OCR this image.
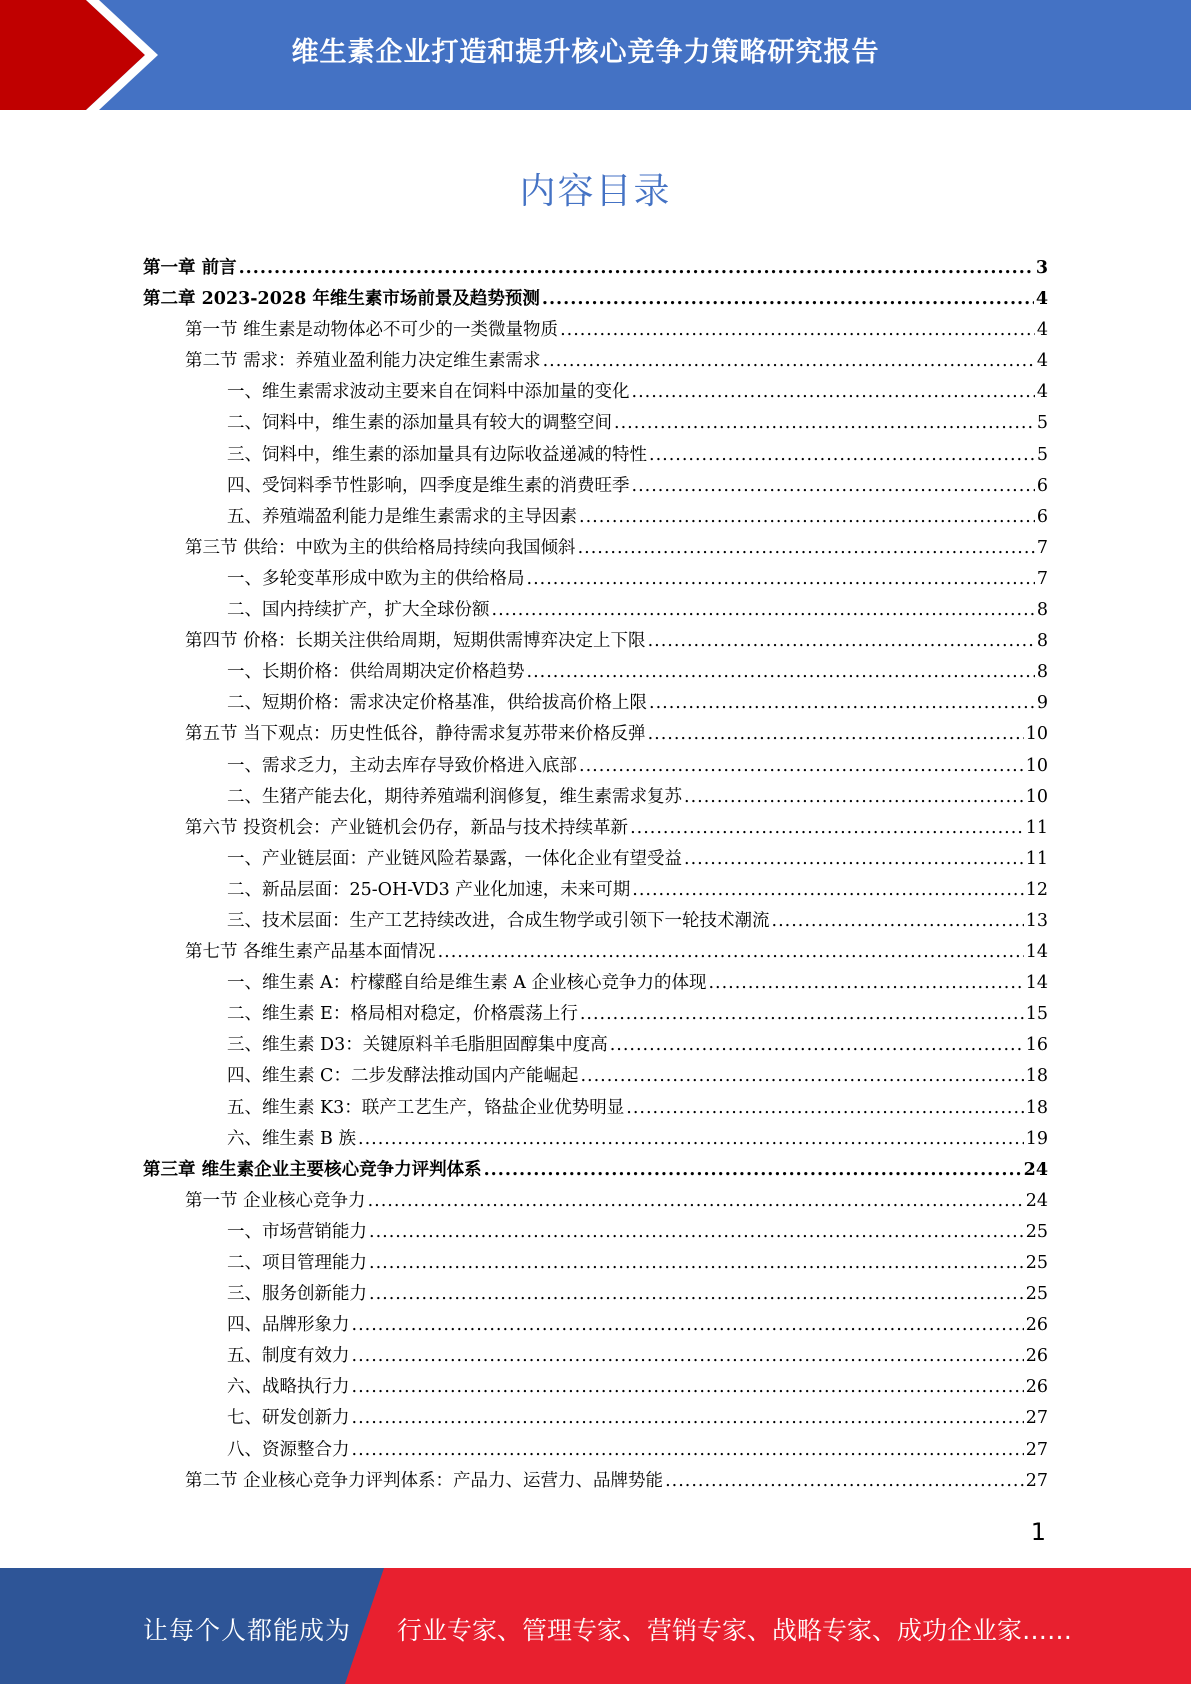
维生素企业打造和提升核心竞争力策略研究报告
内容目录
第一章 前言 .....	3
第二章 2023-2028 年维生素市场前景及趋势预测 .....	4
第一节 维生素是动物体必不可少的一类微量物质 .....	4
第二节 需求：养殖业盈利能力决定维生素需求 .....	4
一、维生素需求波动主要来自在饲料中添加量的变化 .....	4
二、饲料中，维生素的添加量具有较大的调整空间 .....	5
三、饲料中，维生素的添加量具有边际收益递减的特性 .....	5
四、受饲料季节性影响，四季度是维生素的消费旺季 .....	6
五、养殖端盈利能力是维生素需求的主导因素 .....	6
第三节 供给：中欧为主的供给格局持续向我国倾斜 .....	7
一、多轮变革形成中欧为主的供给格局 .....	7
二、国内持续扩产，扩大全球份额 .....	8
第四节 价格：长期关注供给周期，短期供需博弈决定上下限 .....	8
一、长期价格：供给周期决定价格趋势 .....	8
二、短期价格：需求决定价格基准，供给拔高价格上限 .....	9
第五节 当下观点：历史性低谷，静待需求复苏带来价格反弹 .....	10
一、需求乏力，主动去库存导致价格进入底部 .....	10
二、生猪产能去化，期待养殖端利润修复，维生素需求复苏 .....	10
第六节 投资机会：产业链机会仍存，新品与技术持续革新 .....	11
一、产业链层面：产业链风险若暴露，一体化企业有望受益 .....	11
二、新品层面：25-OH-VD3 产业化加速，未来可期 .....	12
三、技术层面：生产工艺持续改进，合成生物学或引领下一轮技术潮流 .....	13
第七节 各维生素产品基本面情况 .....	14
一、维生素 A：柠檬醛自给是维生素 A 企业核心竞争力的体现 .....	14
二、维生素 E：格局相对稳定，价格震荡上行 .....	15
三、维生素 D3：关键原料羊毛脂胆固醇集中度高 .....	16
四、维生素 C：二步发酵法推动国内产能崛起 .....	18
五、维生素 K3：联产工艺生产，铬盐企业优势明显 .....	18
六、维生素 B 族 .....	19
第三章 维生素企业主要核心竞争力评判体系 .....	24
第一节 企业核心竞争力 .....	24
一、市场营销能力 .....	25
二、项目管理能力 .....	25
三、服务创新能力 .....	25
四、品牌形象力 .....	26
五、制度有效力 .....	26
六、战略执行力 .....	26
七、研发创新力 .....	27
八、资源整合力 .....	27
第二节 企业核心竞争力评判体系：产品力、运营力、品牌势能 .....	27
1
让每个人都能成为 行业专家、管理专家、营销专家、战略专家、成功企业家……
